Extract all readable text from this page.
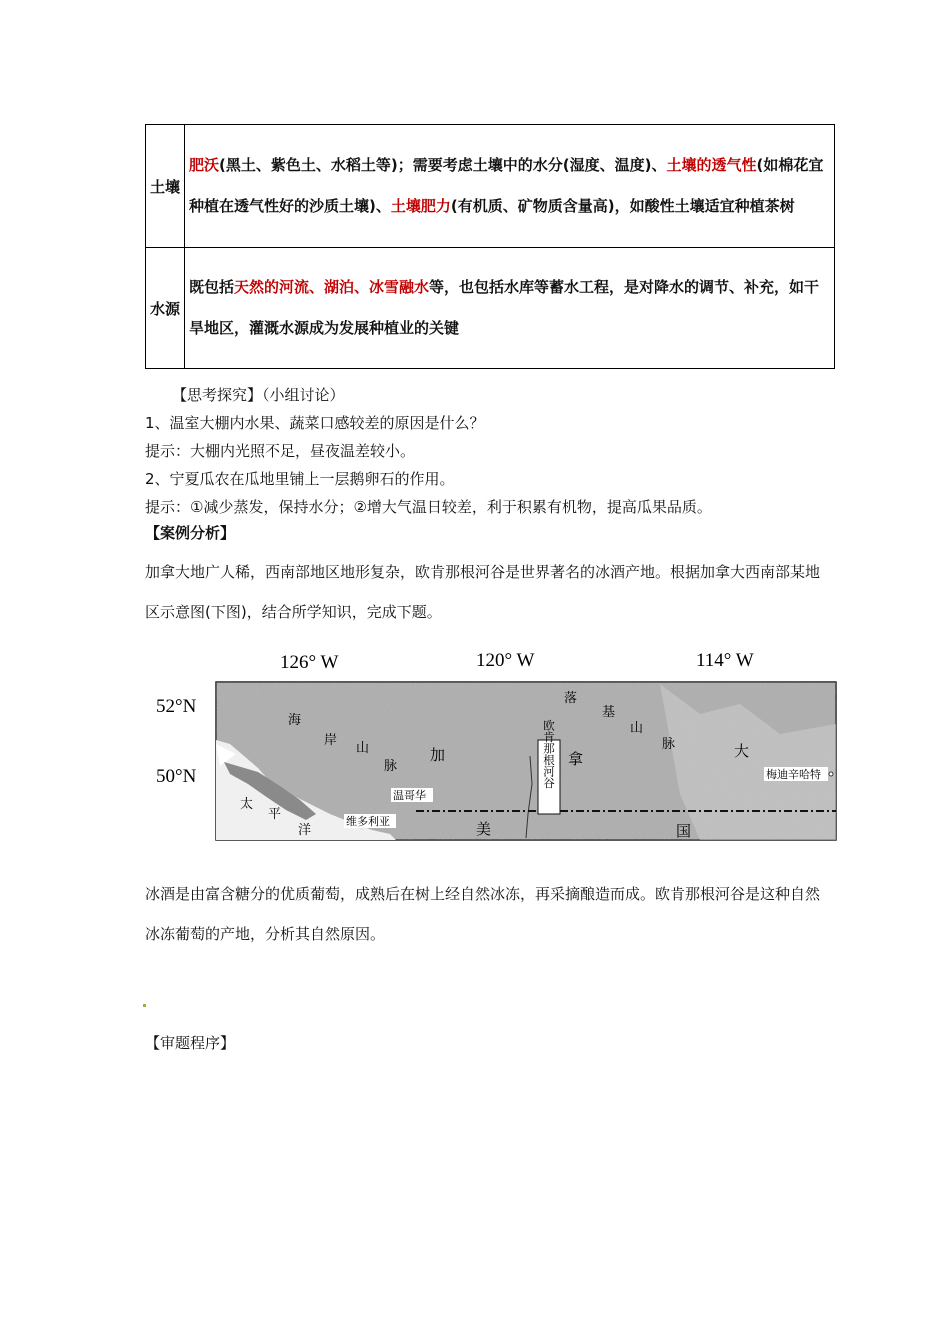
土壤	肥沃(黑土、紫色土、水稻土等)；需要考虑土壤中的水分(湿度、温度)、土壤的透气性(如棉花宜种植在透气性好的沙质土壤)、土壤肥力(有机质、矿物质含量高)，如酸性土壤适宜种植茶树
水源	既包括天然的河流、湖泊、冰雪融水等，也包括水库等蓄水工程，是对降水的调节、补充，如干旱地区，灌溉水源成为发展种植业的关键
【思考探究】（小组讨论）
1、温室大棚内水果、蔬菜口感较差的原因是什么？
提示：大棚内光照不足，昼夜温差较小。
2、宁夏瓜农在瓜地里铺上一层鹅卵石的作用。
提示：①减少蒸发，保持水分；②增大气温日较差，利于积累有机物，提高瓜果品质。
【案例分析】
加拿大地广人稀，西南部地区地形复杂，欧肯那根河谷是世界著名的冰酒产地。根据加拿大西南部某地区示意图(下图)，结合所学知识，完成下题。
126° W	120° W	114° W
52°N
50°N
海
岸
山
脉
加	拿	大
落
基
山
脉
太
平
洋	美	国
欧肯那根河谷
温哥华
维多利亚
梅迪辛哈特
冰酒是由富含糖分的优质葡萄，成熟后在树上经自然冰冻，再采摘酿造而成。欧肯那根河谷是这种自然冰冻葡萄的产地，分析其自然原因。
【审题程序】
